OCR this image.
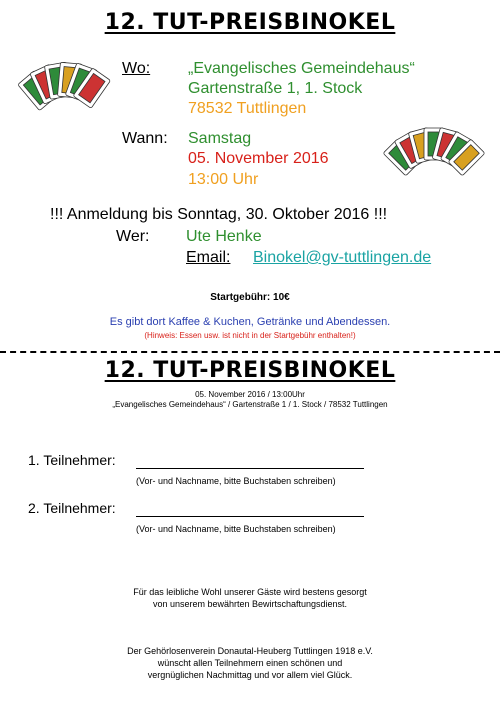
12. TUT-PREISBINOKEL
Wo: „Evangelisches Gemeindehaus“
Gartenstraße 1, 1. Stock
78532 Tuttlingen
Wann: Samstag
05. November 2016
13:00 Uhr
!!! Anmeldung bis Sonntag, 30. Oktober 2016 !!!
Wer: Ute Henke
Email: Binokel@gv-tuttlingen.de
Startgebühr: 10€
Es gibt dort Kaffee & Kuchen, Getränke und Abendessen.
(Hinweis: Essen usw. ist nicht in der Startgebühr enthalten!)
12. TUT-PREISBINOKEL
05. November 2016 / 13:00Uhr
„Evangelisches Gemeindehaus“ / Gartenstraße 1 / 1. Stock / 78532 Tuttlingen
1. Teilnehmer:
(Vor- und Nachname, bitte Buchstaben schreiben)
2. Teilnehmer:
(Vor- und Nachname, bitte Buchstaben schreiben)
Für das leibliche Wohl unserer Gäste wird bestens gesorgt
von unserem bewährten Bewirtschaftungsdienst.
Der Gehörlosenverein Donautal-Heuberg Tuttlingen 1918 e.V.
wünscht allen Teilnehmern einen schönen und
vergnüglichen Nachmittag und vor allem viel Glück.
